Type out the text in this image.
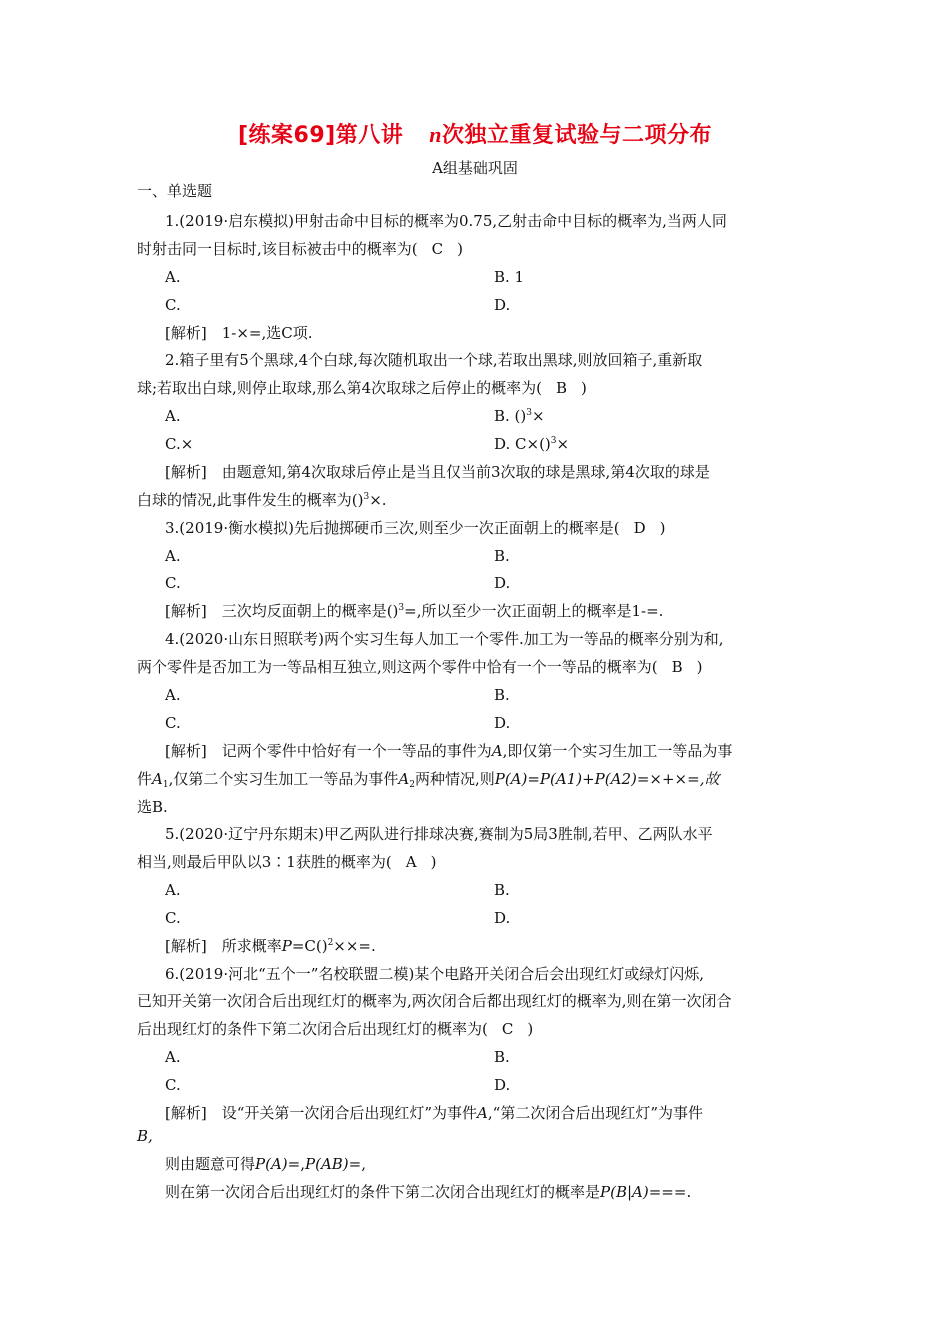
[练案69]第八讲 n次独立重复试验与二项分布
A组基础巩固
一、单选题
1.(2019·启东模拟)甲射击命中目标的概率为0.75,乙射击命中目标的概率为,当两人同
时射击同一目标时,该目标被击中的概率为( C )
A.	B. 1
C.	D.
[解析]　1-×=,选C项.
2.箱子里有5个黑球,4个白球,每次随机取出一个球,若取出黑球,则放回箱子,重新取
球;若取出白球,则停止取球,那么第4次取球之后停止的概率为( B )
A.	B. ()$^3$×
C.×	D. C×()$^3$×
[解析]　由题意知,第4次取球后停止是当且仅当前3次取的球是黑球,第4次取的球是
白球的情况,此事件发生的概率为()$^3$×.
3.(2019·衡水模拟)先后抛掷硬币三次,则至少一次正面朝上的概率是( D )
A.	B.
C.	D.
[解析]　三次均反面朝上的概率是()$^3$=,所以至少一次正面朝上的概率是1-=.
4.(2020·山东日照联考)两个实习生每人加工一个零件.加工为一等品的概率分别为和,
两个零件是否加工为一等品相互独立,则这两个零件中恰有一个一等品的概率为( B )
A.	B.
C.	D.
[解析]　记两个零件中恰好有一个一等品的事件为A,即仅第一个实习生加工一等品为事
件$A_1$,仅第二个实习生加工一等品为事件$A_2$两种情况,则P(A)=P(A1)+P(A2)=×+×=,故
选B.
5.(2020·辽宁丹东期末)甲乙两队进行排球决赛,赛制为5局3胜制,若甲、乙两队水平
相当,则最后甲队以3∶1获胜的概率为( A )
A.	B.
C.	D.
[解析]　所求概率P=C()$^2$××=.
6.(2019·河北“五个一”名校联盟二模)某个电路开关闭合后会出现红灯或绿灯闪烁,
已知开关第一次闭合后出现红灯的概率为,两次闭合后都出现红灯的概率为,则在第一次闭合
后出现红灯的条件下第二次闭合后出现红灯的概率为( C )
A.	B.
C.	D.
[解析]　设“开关第一次闭合后出现红灯”为事件A,“第二次闭合后出现红灯”为事件
B,
则由题意可得P(A)=,P(AB)=,
则在第一次闭合后出现红灯的条件下第二次闭合出现红灯的概率是P(B|A)===.
